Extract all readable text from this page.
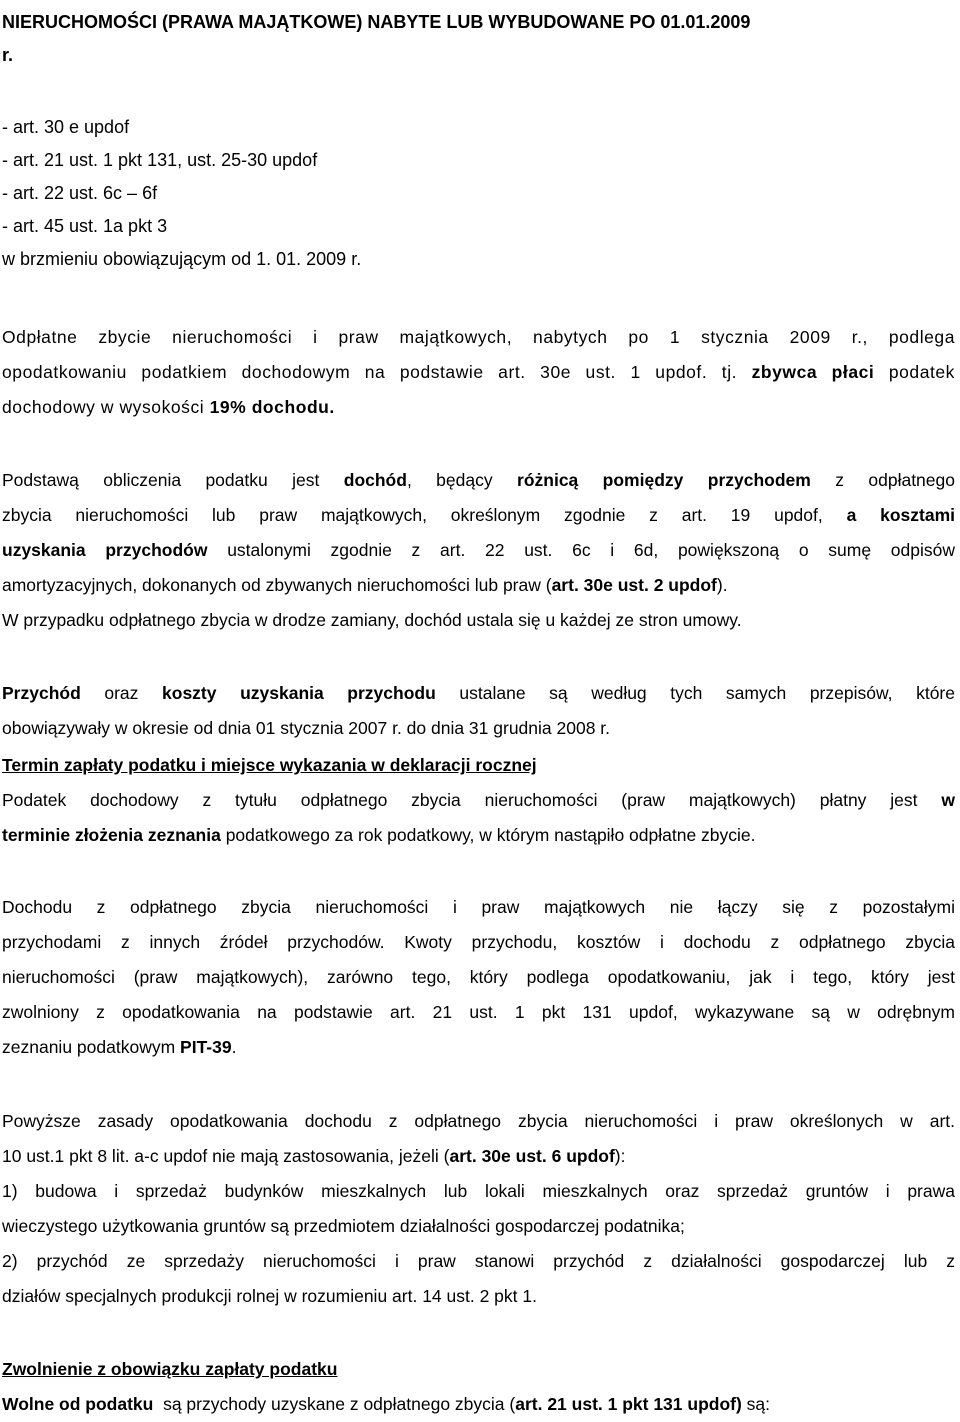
NIERUCHOMOŚCI (PRAWA MAJĄTKOWE) NABYTE LUB WYBUDOWANE PO 01.01.2009
r.
- art. 30 e updof
- art. 21 ust. 1 pkt 131, ust. 25-30 updof
- art. 22 ust. 6c – 6f
- art. 45 ust. 1a pkt 3
w brzmieniu obowiązującym od 1. 01. 2009 r.
Odpłatne zbycie nieruchomości i praw majątkowych, nabytych po 1 stycznia 2009 r., podlega
opodatkowaniu podatkiem dochodowym na podstawie art. 30e ust. 1 updof. tj. zbywca płaci podatek
dochodowy w wysokości 19% dochodu.
Podstawą obliczenia podatku jest dochód, będący różnicą pomiędzy przychodem z odpłatnego
zbycia nieruchomości lub praw majątkowych, określonym zgodnie z art. 19 updof, a kosztami
uzyskania przychodów ustalonymi zgodnie z art. 22 ust. 6c i 6d, powiększoną o sumę odpisów
amortyzacyjnych, dokonanych od zbywanych nieruchomości lub praw (art. 30e ust. 2 updof).
W przypadku odpłatnego zbycia w drodze zamiany, dochód ustala się u każdej ze stron umowy.
Przychód oraz koszty uzyskania przychodu ustalane są według tych samych przepisów, które
obowiązywały w okresie od dnia 01 stycznia 2007 r. do dnia 31 grudnia 2008 r.
Termin zapłaty podatku i miejsce wykazania w deklaracji rocznej
Podatek dochodowy z tytułu odpłatnego zbycia nieruchomości (praw majątkowych) płatny jest w
terminie złożenia zeznania podatkowego za rok podatkowy, w którym nastąpiło odpłatne zbycie.
Dochodu z odpłatnego zbycia nieruchomości i praw majątkowych nie łączy się z pozostałymi
przychodami z innych źródeł przychodów. Kwoty przychodu, kosztów i dochodu z odpłatnego zbycia
nieruchomości (praw majątkowych), zarówno tego, który podlega opodatkowaniu, jak i tego, który jest
zwolniony z opodatkowania na podstawie art. 21 ust. 1 pkt 131 updof, wykazywane są w odrębnym
zeznaniu podatkowym PIT-39.
Powyższe zasady opodatkowania dochodu z odpłatnego zbycia nieruchomości i praw określonych w art.
10 ust.1 pkt 8 lit. a-c updof nie mają zastosowania, jeżeli (art. 30e ust. 6 updof):
1) budowa i sprzedaż budynków mieszkalnych lub lokali mieszkalnych oraz sprzedaż gruntów i prawa
wieczystego użytkowania gruntów są przedmiotem działalności gospodarczej podatnika;
2) przychód ze sprzedaży nieruchomości i praw stanowi przychód z działalności gospodarczej lub z
działów specjalnych produkcji rolnej w rozumieniu art. 14 ust. 2 pkt 1.
Zwolnienie z obowiązku zapłaty podatku
Wolne od podatku są przychody uzyskane z odpłatnego zbycia (art. 21 ust. 1 pkt 131 updof) są:
